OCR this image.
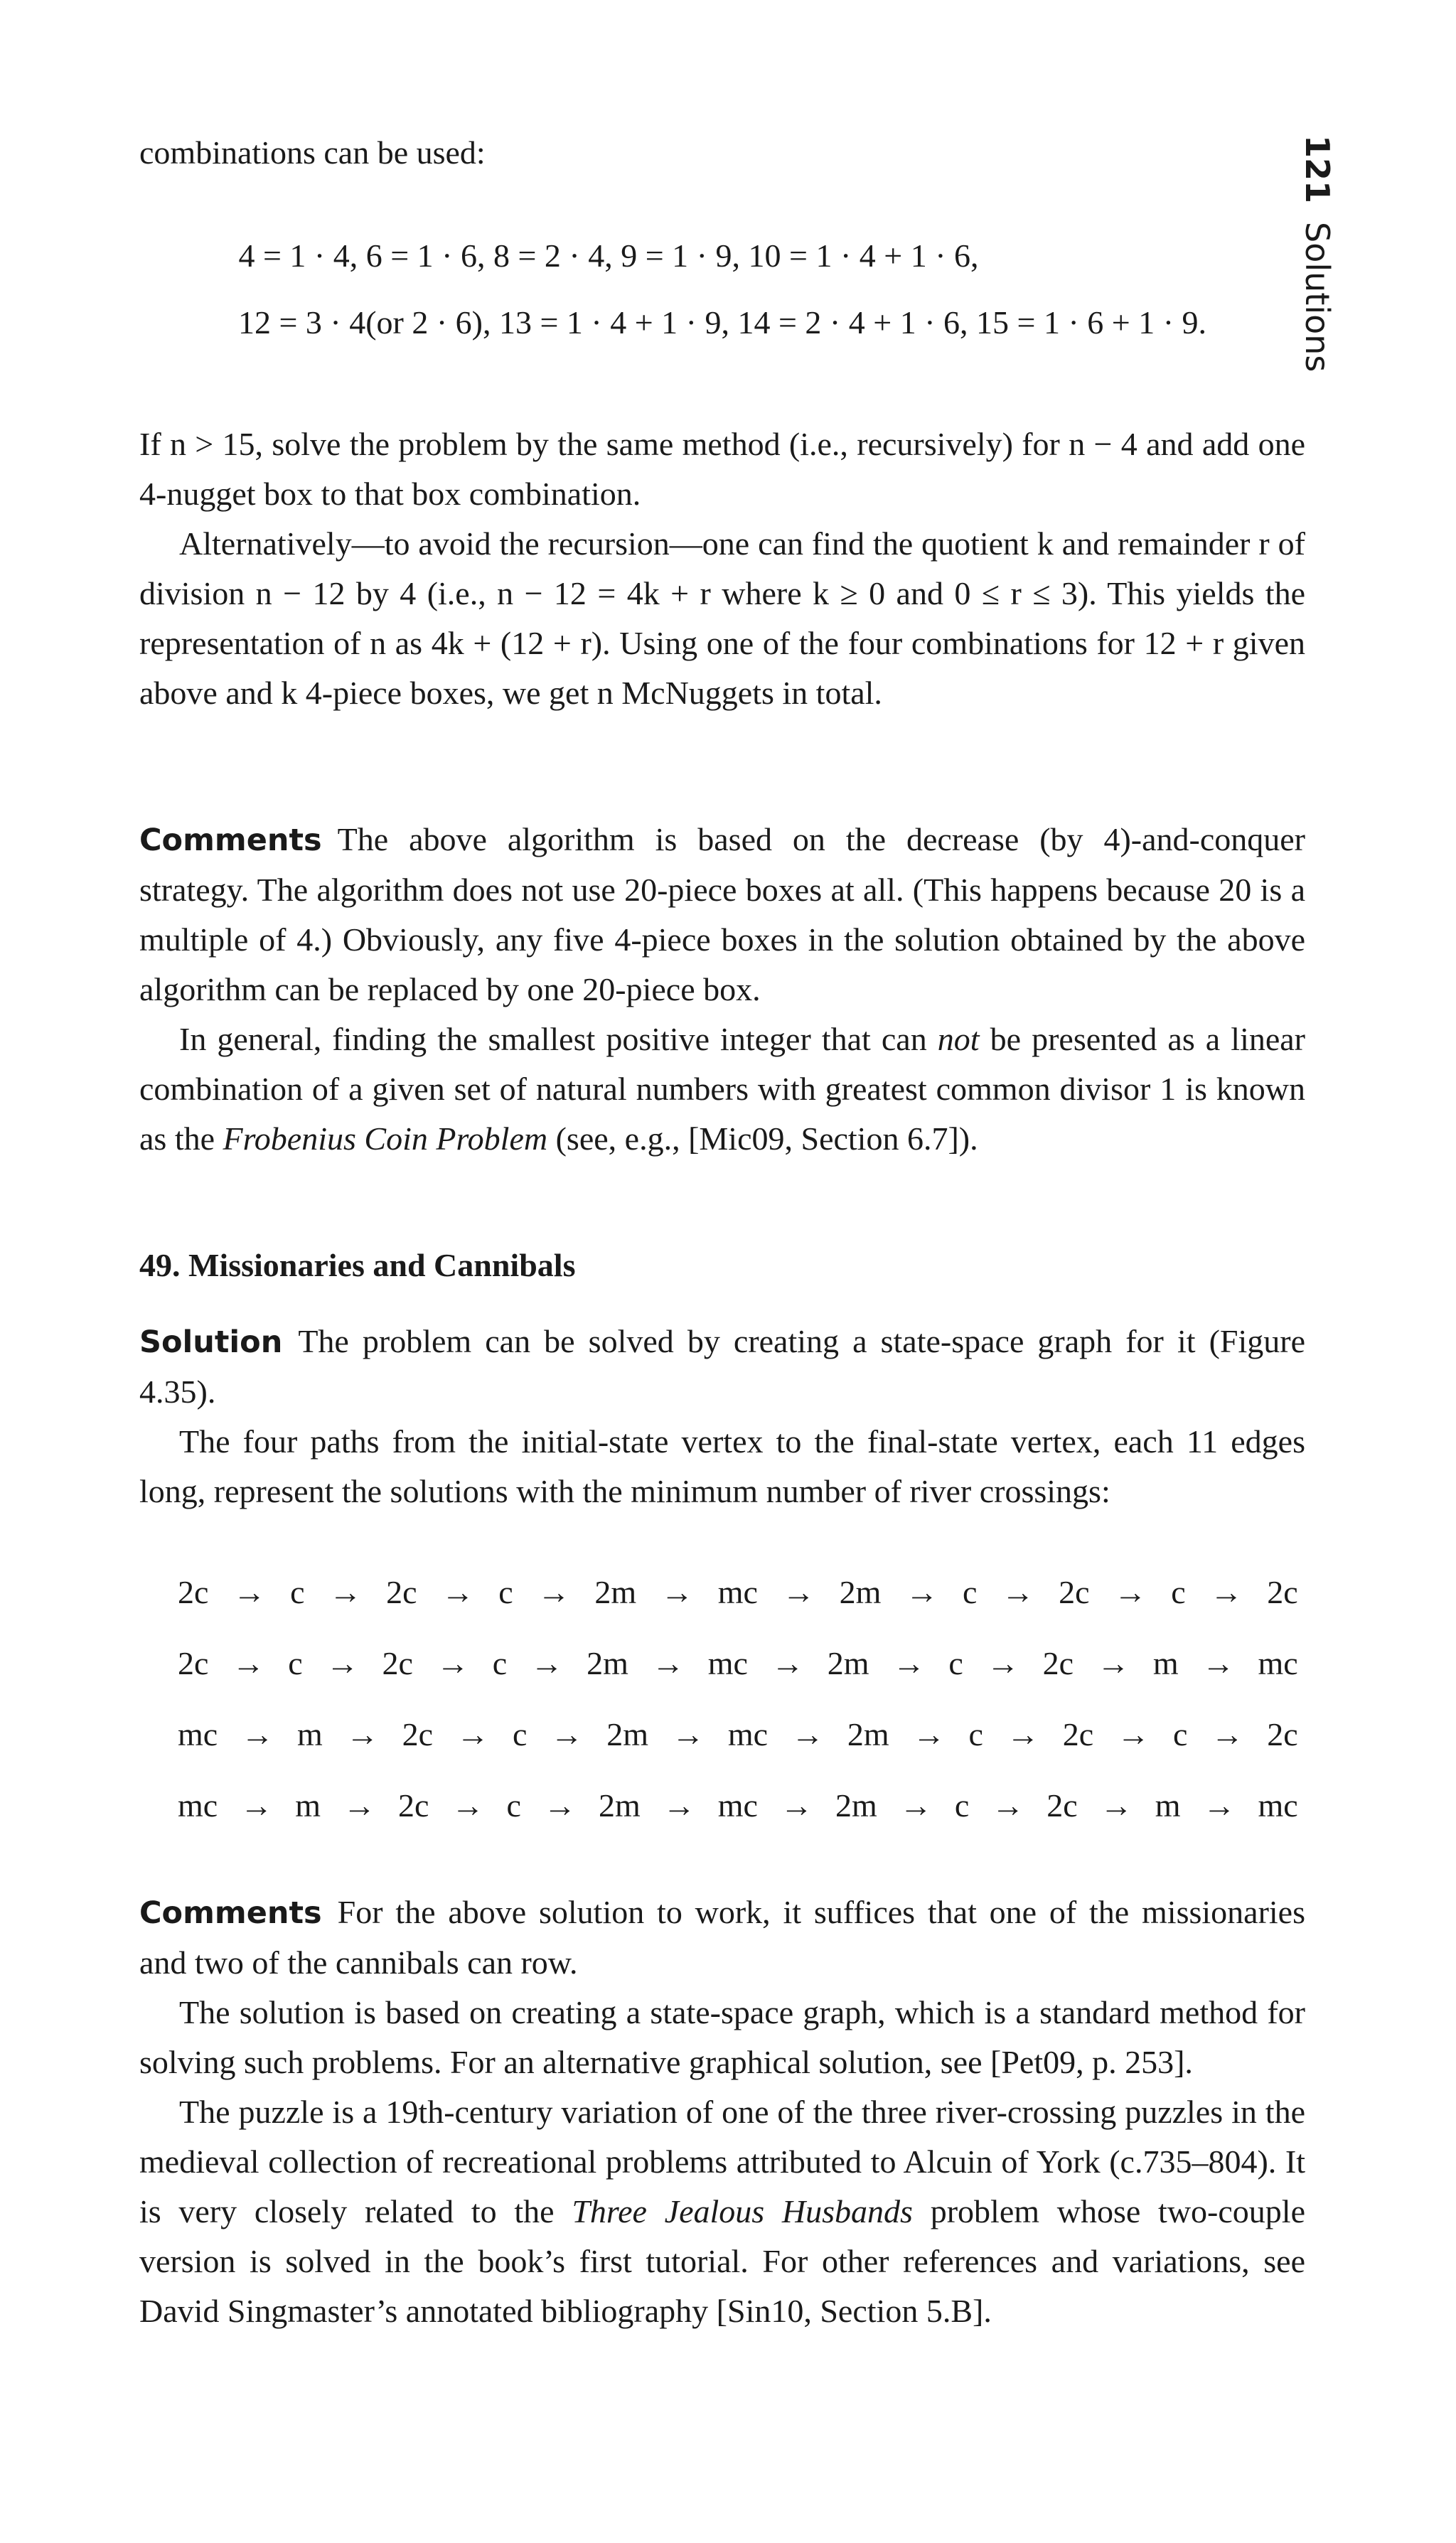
121Solutions

combinations can be used:

4 = 1 · 4, 6 = 1 · 6, 8 = 2 · 4, 9 = 1 · 9, 10 = 1 · 4 + 1 · 6,
12 = 3 · 4(or 2 · 6), 13 = 1 · 4 + 1 · 9, 14 = 2 · 4 + 1 · 6, 15 = 1 · 6 + 1 · 9.

If n > 15, solve the problem by the same method (i.e., recursively) for n − 4 and add one 4-nugget box to that box combination.

Alternatively—to avoid the recursion—one can find the quotient k and remainder r of division n − 12 by 4 (i.e., n − 12 = 4k + r where k ≥ 0 and 0 ≤ r ≤ 3). This yields the representation of n as 4k + (12 + r). Using one of the four combinations for 12 + r given above and k 4-piece boxes, we get n McNuggets in total.

Comments The above algorithm is based on the decrease (by 4)-and-conquer strategy. The algorithm does not use 20-piece boxes at all. (This happens because 20 is a multiple of 4.) Obviously, any five 4-piece boxes in the solution obtained by the above algorithm can be replaced by one 20-piece box.

In general, finding the smallest positive integer that can not be presented as a linear combination of a given set of natural numbers with greatest common divisor 1 is known as the Frobenius Coin Problem (see, e.g., [Mic09, Section 6.7]).

49. Missionaries and Cannibals

Solution The problem can be solved by creating a state-space graph for it (Figure 4.35).

The four paths from the initial-state vertex to the final-state vertex, each 11 edges long, represent the solutions with the minimum number of river crossings:

2c → c → 2c → c → 2m → mc → 2m → c → 2c → c → 2c
2c → c → 2c → c → 2m → mc → 2m → c → 2c → m → mc
mc → m → 2c → c → 2m → mc → 2m → c → 2c → c → 2c
mc → m → 2c → c → 2m → mc → 2m → c → 2c → m → mc

Comments For the above solution to work, it suffices that one of the missionaries and two of the cannibals can row.

The solution is based on creating a state-space graph, which is a standard method for solving such problems. For an alternative graphical solution, see [Pet09, p. 253].

The puzzle is a 19th-century variation of one of the three river-crossing puzzles in the medieval collection of recreational problems attributed to Alcuin of York (c.735–804). It is very closely related to the Three Jealous Husbands problem whose two-couple version is solved in the book’s first tutorial. For other references and variations, see David Singmaster’s annotated bibliography [Sin10, Section 5.B].
